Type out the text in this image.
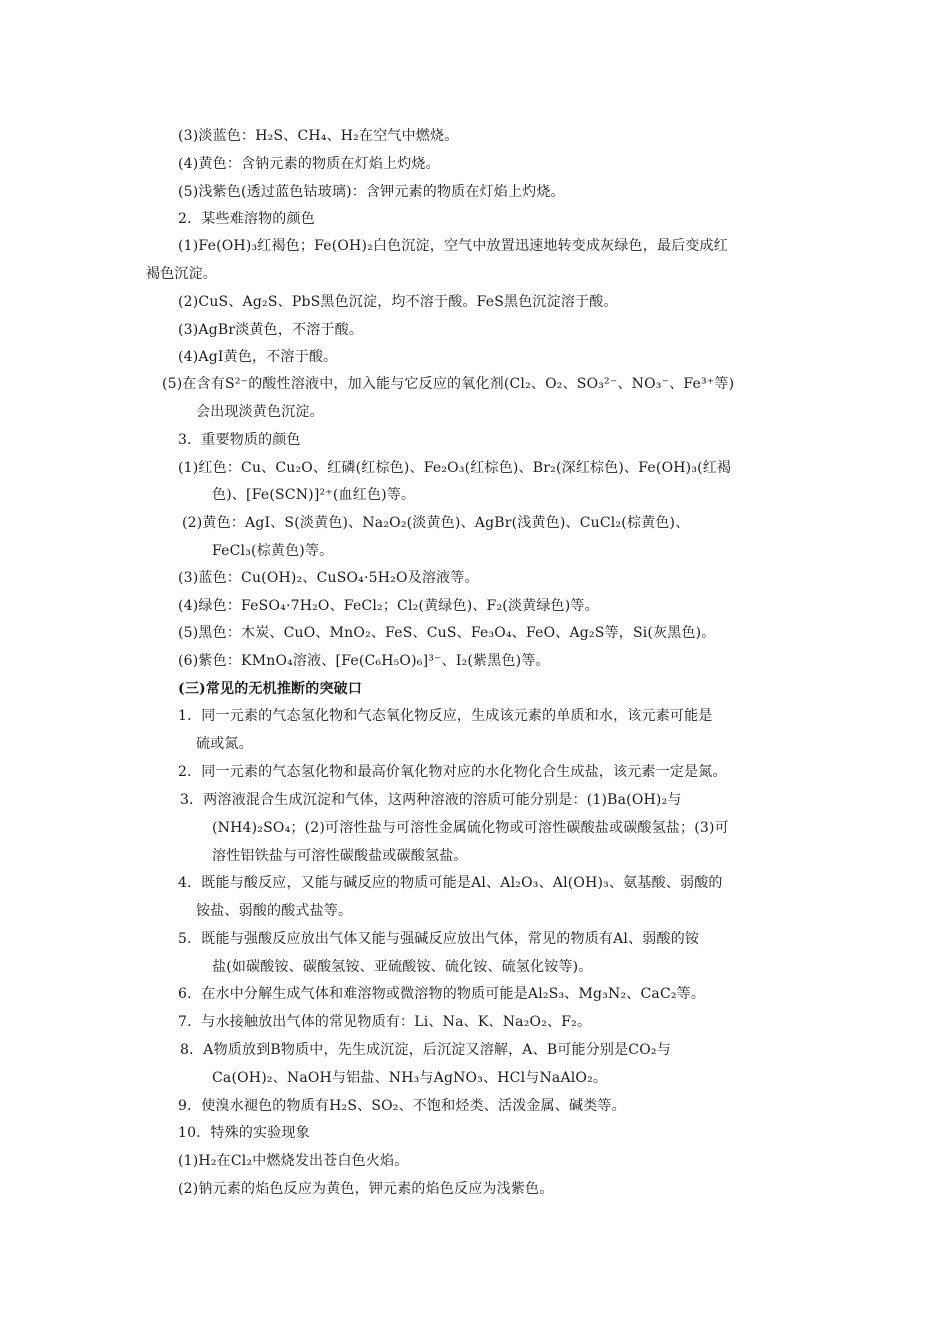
(3)淡蓝色：H₂S、CH₄、H₂在空气中燃烧。
(4)黄色：含钠元素的物质在灯焰上灼烧。
(5)浅紫色(透过蓝色钴玻璃)：含钾元素的物质在灯焰上灼烧。
2．某些难溶物的颜色
(1)Fe(OH)₃红褐色；Fe(OH)₂白色沉淀，空气中放置迅速地转变成灰绿色，最后变成红
褐色沉淀。
(2)CuS、Ag₂S、PbS黑色沉淀，均不溶于酸。FeS黑色沉淀溶于酸。
(3)AgBr淡黄色，不溶于酸。
(4)AgI黄色，不溶于酸。
(5)在含有S²⁻的酸性溶液中，加入能与它反应的氧化剂(Cl₂、O₂、SO₃²⁻、NO₃⁻、Fe³⁺等)
会出现淡黄色沉淀。
3．重要物质的颜色
(1)红色：Cu、Cu₂O、红磷(红棕色)、Fe₂O₃(红棕色)、Br₂(深红棕色)、Fe(OH)₃(红褐
色)、[Fe(SCN)]²⁺(血红色)等。
(2)黄色：AgI、S(淡黄色)、Na₂O₂(淡黄色)、AgBr(浅黄色)、CuCl₂(棕黄色)、
FeCl₃(棕黄色)等。
(3)蓝色：Cu(OH)₂、CuSO₄·5H₂O及溶液等。
(4)绿色：FeSO₄·7H₂O、FeCl₂；Cl₂(黄绿色)、F₂(淡黄绿色)等。
(5)黑色：木炭、CuO、MnO₂、FeS、CuS、Fe₃O₄、FeO、Ag₂S等，Si(灰黑色)。
(6)紫色：KMnO₄溶液、[Fe(C₆H₅O)₆]³⁻、I₂(紫黑色)等。
(三)常见的无机推断的突破口
1．同一元素的气态氢化物和气态氧化物反应，生成该元素的单质和水，该元素可能是
硫或氮。
2．同一元素的气态氢化物和最高价氧化物对应的水化物化合生成盐，该元素一定是氮。
3．两溶液混合生成沉淀和气体，这两种溶液的溶质可能分别是：(1)Ba(OH)₂与
(NH4)₂SO₄；(2)可溶性盐与可溶性金属硫化物或可溶性碳酸盐或碳酸氢盐；(3)可
溶性铝铁盐与可溶性碳酸盐或碳酸氢盐。
4．既能与酸反应，又能与碱反应的物质可能是Al、Al₂O₃、Al(OH)₃、氨基酸、弱酸的
铵盐、弱酸的酸式盐等。
5．既能与强酸反应放出气体又能与强碱反应放出气体，常见的物质有Al、弱酸的铵
盐(如碳酸铵、碳酸氢铵、亚硫酸铵、硫化铵、硫氢化铵等)。
6．在水中分解生成气体和难溶物或微溶物的物质可能是Al₂S₃、Mg₃N₂、CaC₂等。
7．与水接触放出气体的常见物质有：Li、Na、K、Na₂O₂、F₂。
8．A物质放到B物质中，先生成沉淀，后沉淀又溶解，A、B可能分别是CO₂与
Ca(OH)₂、NaOH与铝盐、NH₃与AgNO₃、HCl与NaAlO₂。
9．使溴水褪色的物质有H₂S、SO₂、不饱和烃类、活泼金属、碱类等。
10．特殊的实验现象
(1)H₂在Cl₂中燃烧发出苍白色火焰。
(2)钠元素的焰色反应为黄色，钾元素的焰色反应为浅紫色。
